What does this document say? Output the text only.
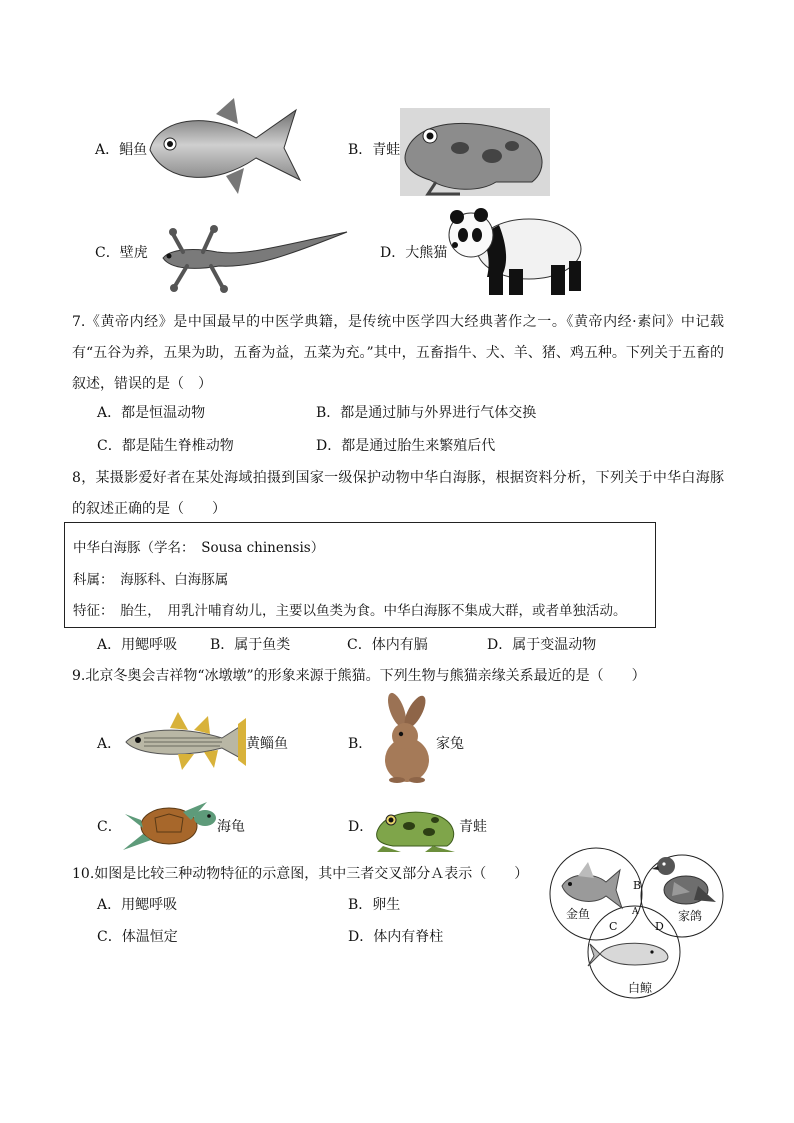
A．鲳鱼	B．青蛙
C．壁虎	D．大熊猫
7.《黄帝内经》是中国最早的中医学典籍，是传统中医学四大经典著作之一。《黄帝内经·素问》中记载有“五谷为养，五果为助，五畜为益，五菜为充。”其中，五畜指牛、犬、羊、猪、鸡五种。下列关于五畜的叙述，错误的是（　）
A．都是恒温动物	B．都是通过肺与外界进行气体交换
C．都是陆生脊椎动物	D．都是通过胎生来繁殖后代
8，某摄影爱好者在某处海域拍摄到国家一级保护动物中华白海豚，根据资料分析，下列关于中华白海豚的叙述正确的是（　　）
中华白海豚（学名：　Sousa chinensis）
科属：　海豚科、白海豚属
特征：　胎生，　用乳汁哺育幼儿，主要以鱼类为食。中华白海豚不集成大群，或者单独活动。
A．用鳃呼吸 B．属于鱼类	C．体内有膈	D．属于变温动物
9.北京冬奥会吉祥物“冰墩墩”的形象来源于熊猫。下列生物与熊猫亲缘关系最近的是（　　）
A．	黄鲻鱼	B．	家兔
C．	海龟	D．	青蛙
10.如图是比较三种动物特征的示意图，其中三者交叉部分Ａ表示（　　）
A．用鳃呼吸	B．卵生
C．体温恒定	D．体内有脊柱
金鱼	家鸽
白鲸
B
A
C	D
